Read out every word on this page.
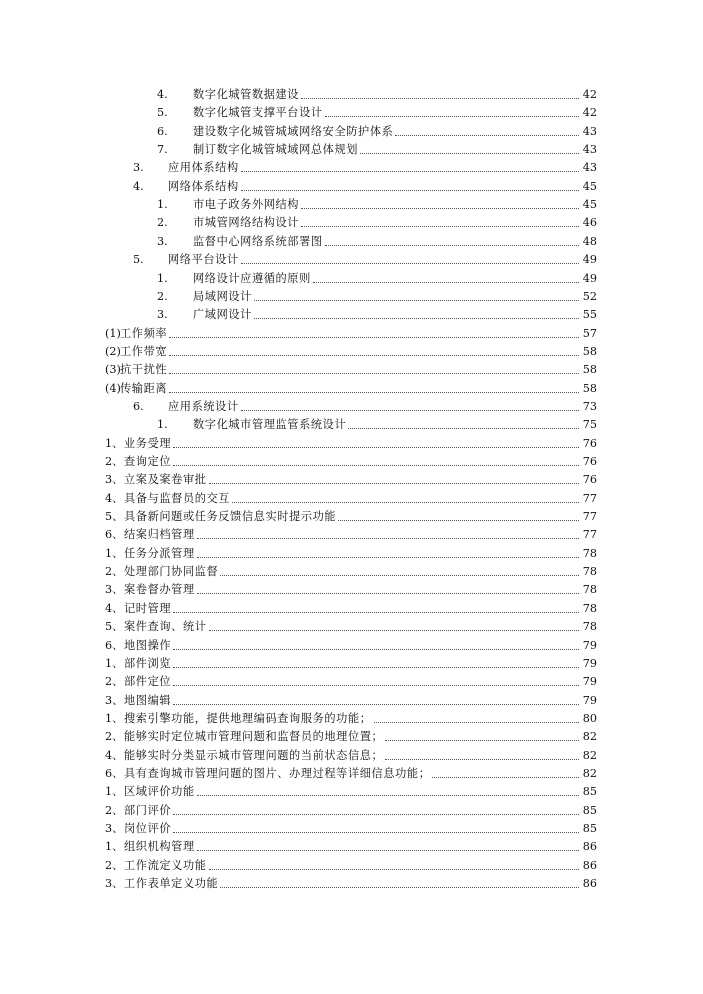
4. 数字化城管数据建设	42
5. 数字化城管支撑平台设计	42
6. 建设数字化城管城域网络安全防护体系	43
7. 制订数字化城管城域网总体规划	43
3. 应用体系结构	43
4. 网络体系结构	45
1. 市电子政务外网结构	45
2. 市城管网络结构设计	46
3. 监督中心网络系统部署图	48
5. 网络平台设计	49
1. 网络设计应遵循的原则	49
2. 局域网设计	52
3. 广域网设计	55
(1) 工作频率	57
(2) 工作带宽	58
(3) 抗干扰性	58
(4) 传输距离	58
6. 应用系统设计	73
1. 数字化城市管理监管系统设计	75
1、 业务受理	76
2、 查询定位	76
3、 立案及案卷审批	76
4、 具备与监督员的交互	77
5、 具备新问题或任务反馈信息实时提示功能	77
6、 结案归档管理	77
1、 任务分派管理	78
2、 处理部门协同监督	78
3、 案卷督办管理	78
4、 记时管理	78
5、 案件查询、统计	78
6、 地图操作	79
1、 部件浏览	79
2、 部件定位	79
3、 地图编辑	79
1、 搜索引擎功能，提供地理编码查询服务的功能；	80
2、 能够实时定位城市管理问题和监督员的地理位置；	82
4、 能够实时分类显示城市管理问题的当前状态信息；	82
6、 具有查询城市管理问题的图片、办理过程等详细信息功能；	82
1、 区域评价功能	85
2、 部门评价	85
3、 岗位评价	85
1、 组织机构管理	86
2、 工作流定义功能	86
3、 工作表单定义功能	86
